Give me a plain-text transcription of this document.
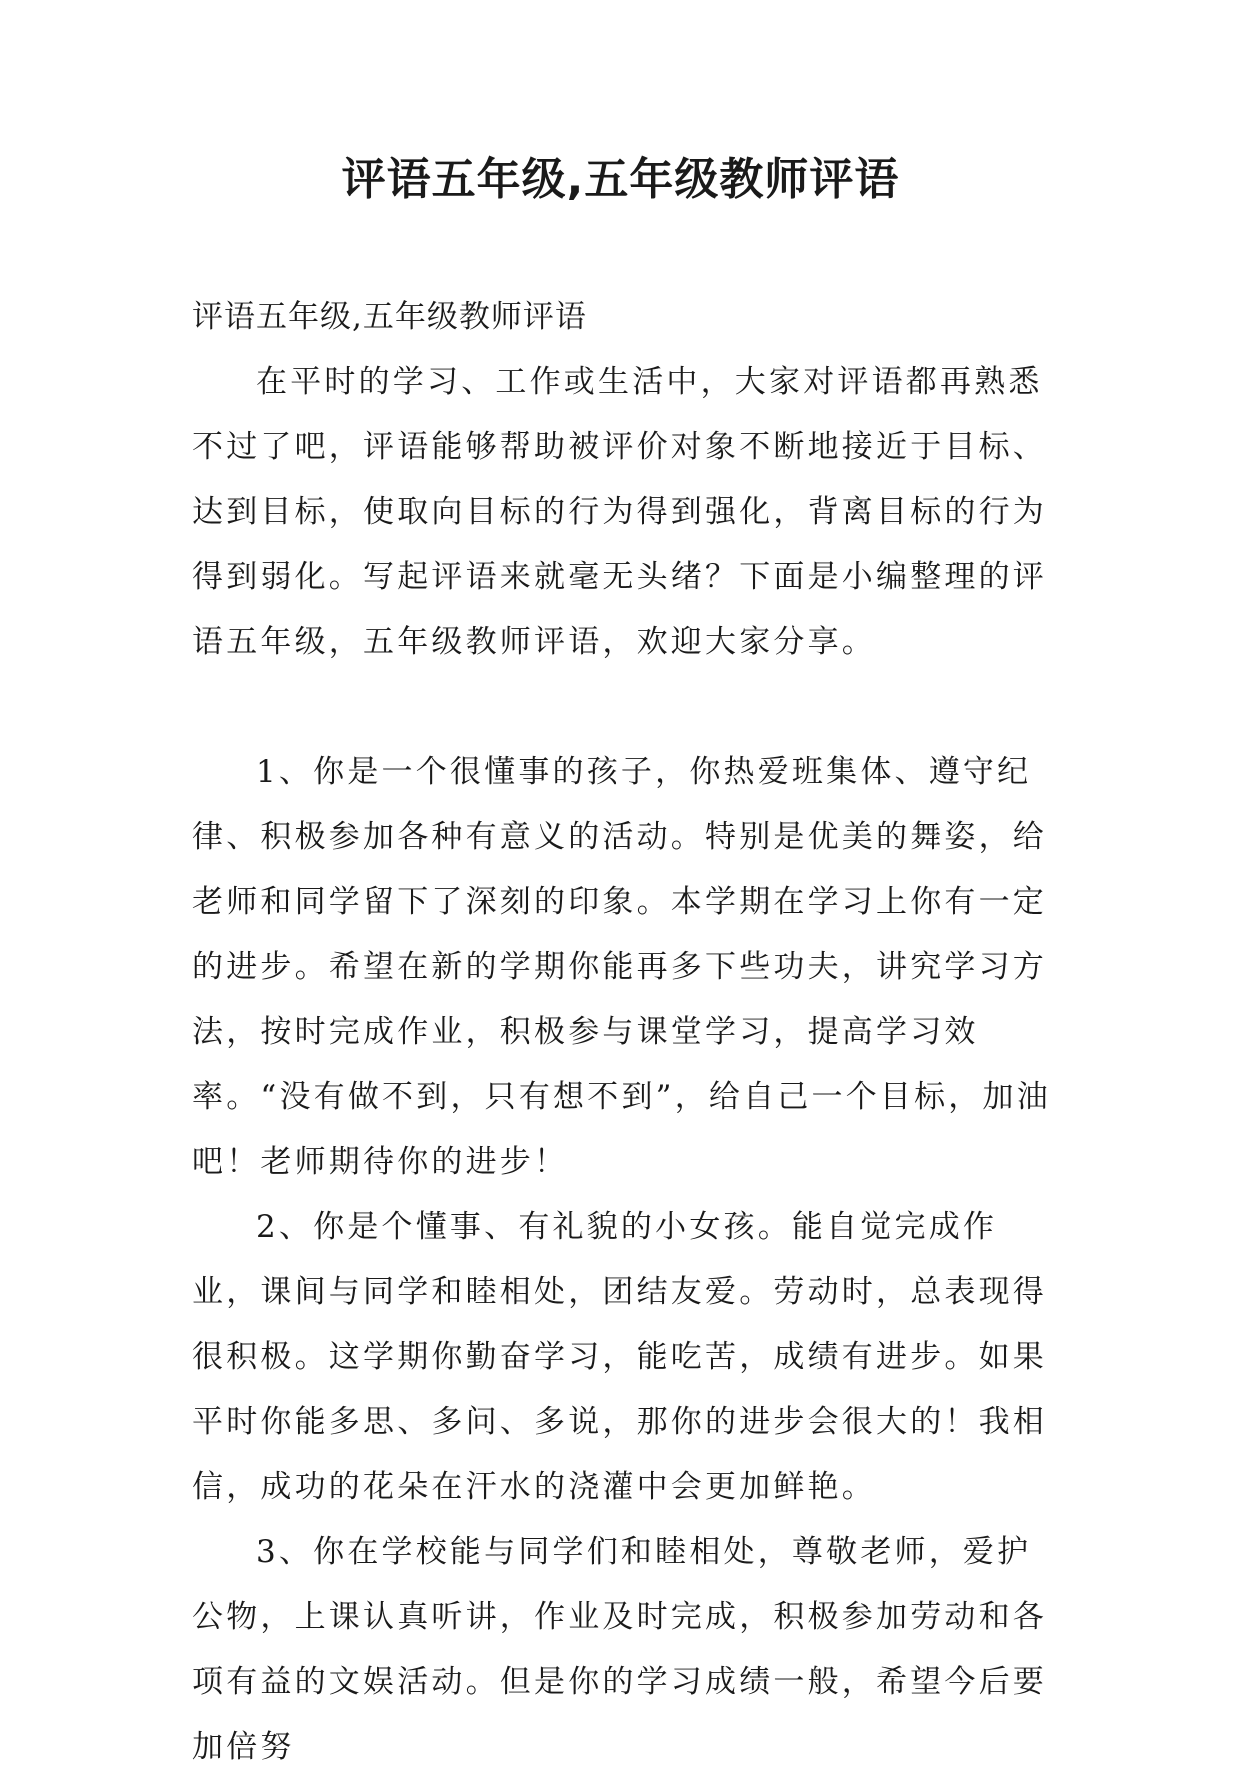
评语五年级,五年级教师评语

评语五年级,五年级教师评语

在平时的学习、工作或生活中，大家对评语都再熟悉不过了吧，评语能够帮助被评价对象不断地接近于目标、达到目标，使取向目标的行为得到强化，背离目标的行为得到弱化。写起评语来就毫无头绪？下面是小编整理的评语五年级，五年级教师评语，欢迎大家分享。

1、你是一个很懂事的孩子，你热爱班集体、遵守纪律、积极参加各种有意义的活动。特别是优美的舞姿，给老师和同学留下了深刻的印象。本学期在学习上你有一定的进步。希望在新的学期你能再多下些功夫，讲究学习方法，按时完成作业，积极参与课堂学习，提高学习效率。“没有做不到，只有想不到”，给自己一个目标，加油吧！老师期待你的进步！

2、你是个懂事、有礼貌的小女孩。能自觉完成作业，课间与同学和睦相处，团结友爱。劳动时，总表现得很积极。这学期你勤奋学习，能吃苦，成绩有进步。如果平时你能多思、多问、多说，那你的进步会很大的！我相信，成功的花朵在汗水的浇灌中会更加鲜艳。

3、你在学校能与同学们和睦相处，尊敬老师，爱护公物，上课认真听讲，作业及时完成，积极参加劳动和各项有益的文娱活动。但是你的学习成绩一般，希望今后要加倍努
